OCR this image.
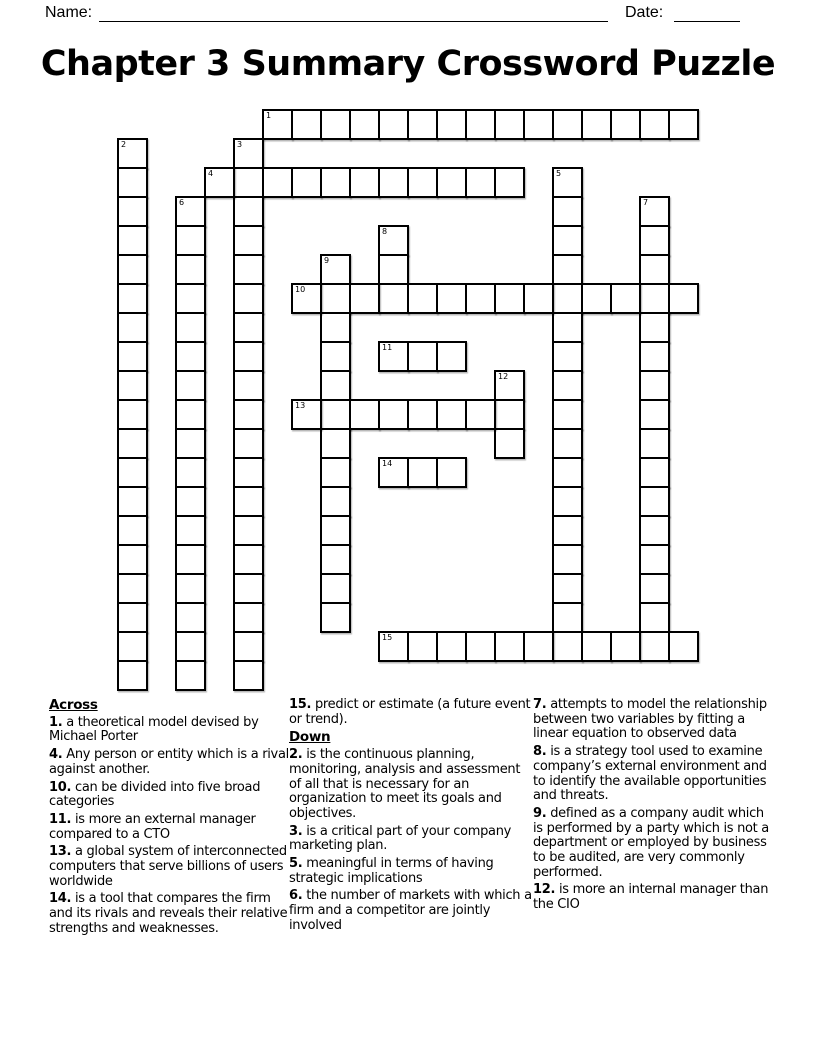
Name:	Date:
Chapter 3 Summary Crossword Puzzle
1
2	3
4	5
6	7
8
9
10
11
12
13
14
15
Across

1. a theoretical model devised by Michael Porter

4. Any person or entity which is a rival against another.

10. can be divided into five broad categories

11. is more an external manager compared to a CTO

13. a global system of interconnected computers that serve billions of users worldwide

14. is a tool that compares the firm and its rivals and reveals their relative strengths and weaknesses.

15. predict or estimate (a future event or trend).

Down

2. is the continuous planning, monitoring, analysis and assessment of all that is necessary for an organization to meet its goals and objectives.

3. is a critical part of your company marketing plan.

5. meaningful in terms of having strategic implications

6. the number of markets with which a firm and a competitor are jointly involved

7. attempts to model the relationship between two variables by fitting a linear equation to observed data

8. is a strategy tool used to examine company’s external environment and to identify the available opportunities and threats.

9. defined as a company audit which is performed by a party which is not a department or employed by business to be audited, are very commonly performed.

12. is more an internal manager than the CIO
